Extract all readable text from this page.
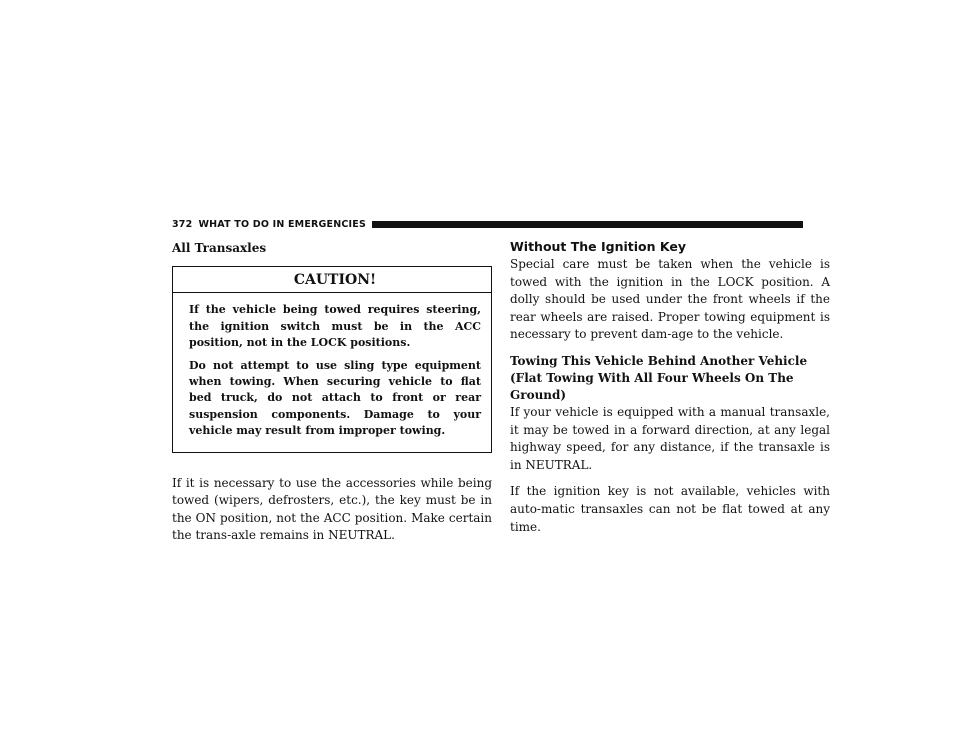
372 WHAT TO DO IN EMERGENCIES

All Transaxles

CAUTION!

If the vehicle being towed requires steering, the ignition switch must be in the ACC position, not in the LOCK positions.

Do not attempt to use sling type equipment when towing. When securing vehicle to flat bed truck, do not attach to front or rear suspension components. Damage to your vehicle may result from improper towing.

If it is necessary to use the accessories while being towed (wipers, defrosters, etc.), the key must be in the ON position, not the ACC position. Make certain the trans-axle remains in NEUTRAL.

Without The Ignition Key

Special care must be taken when the vehicle is towed with the ignition in the LOCK position. A dolly should be used under the front wheels if the rear wheels are raised. Proper towing equipment is necessary to prevent dam-age to the vehicle.

Towing This Vehicle Behind Another Vehicle (Flat Towing With All Four Wheels On The Ground)

If your vehicle is equipped with a manual transaxle, it may be towed in a forward direction, at any legal highway speed, for any distance, if the transaxle is in NEUTRAL.

If the ignition key is not available, vehicles with auto-matic transaxles can not be flat towed at any time.
